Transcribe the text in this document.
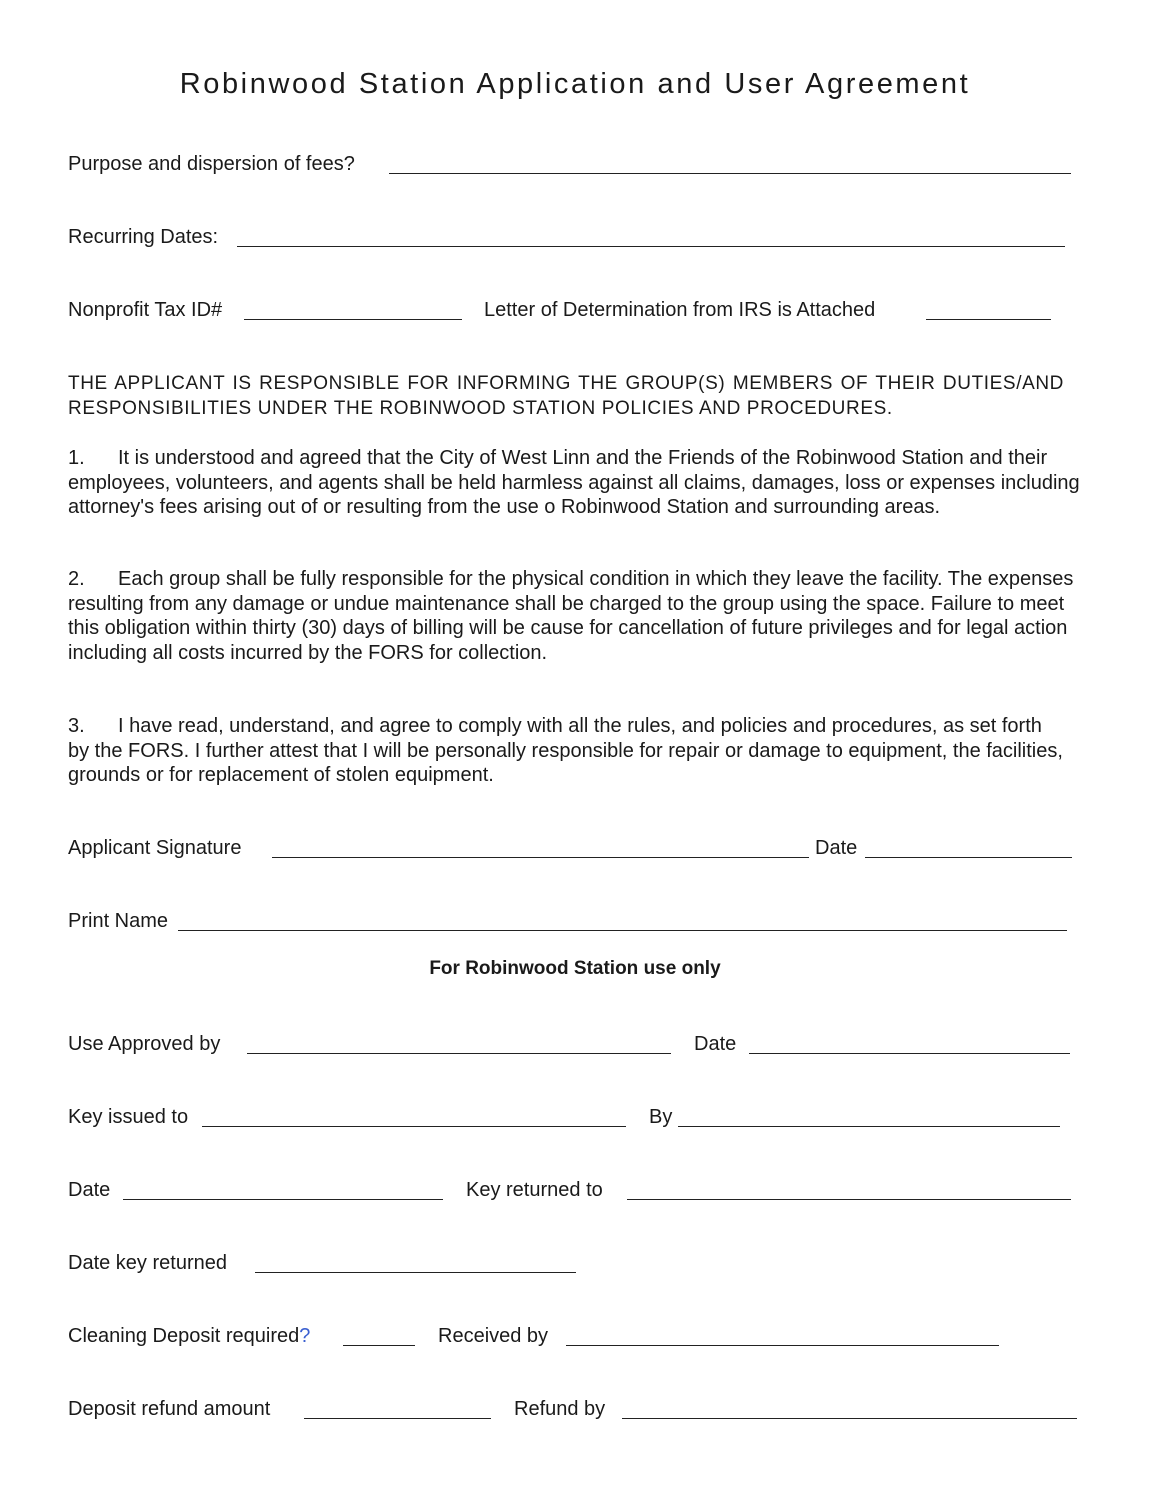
Robinwood Station Application and User Agreement
Purpose and dispersion of fees?
Recurring Dates:
Nonprofit Tax ID#	Letter of Determination from IRS is Attached
THE APPLICANT IS RESPONSIBLE FOR INFORMING THE GROUP(S) MEMBERS OF THEIR DUTIES/AND RESPONSIBILITIES UNDER THE ROBINWOOD STATION POLICIES AND PROCEDURES.
1. It is understood and agreed that the City of West Linn and the Friends of the Robinwood Station and their employees, volunteers, and agents shall be held harmless against all claims, damages, loss or expenses including attorney's fees arising out of or resulting from the use o Robinwood Station and surrounding areas.
2. Each group shall be fully responsible for the physical condition in which they leave the facility. The expenses resulting from any damage or undue maintenance shall be charged to the group using the space. Failure to meet this obligation within thirty (30) days of billing will be cause for cancellation of future privileges and for legal action including all costs incurred by the FORS for collection.
3. I have read, understand, and agree to comply with all the rules, and policies and procedures, as set forth by the FORS. I further attest that I will be personally responsible for repair or damage to equipment, the facilities, grounds or for replacement of stolen equipment.
Applicant Signature	Date
Print Name
For Robinwood Station use only
Use Approved by	Date
Key issued to	By
Date	Key returned to
Date key returned
Cleaning Deposit required?	Received by
Deposit refund amount	Refund by
